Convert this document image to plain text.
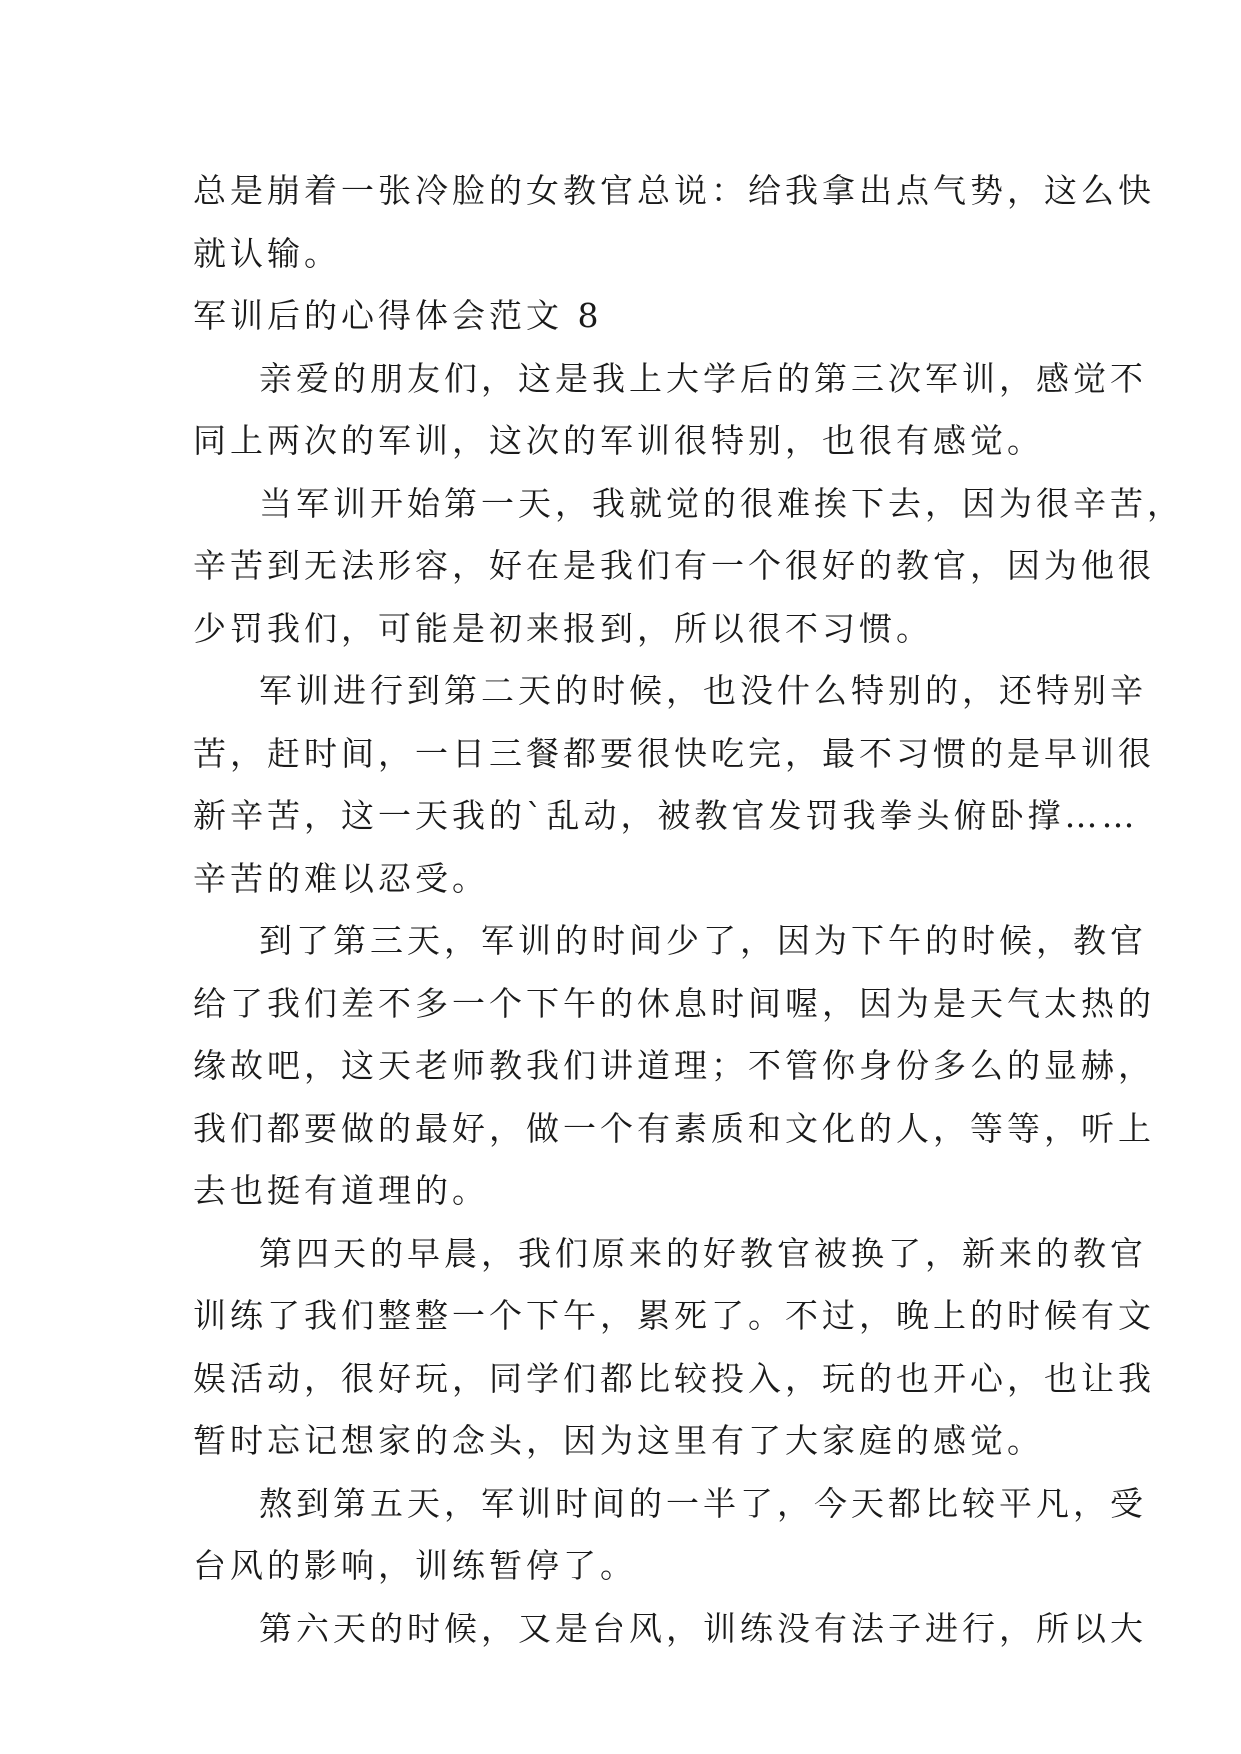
总是崩着一张冷脸的女教官总说：给我拿出点气势，这么快
就认输。
军训后的心得体会范文 8
亲爱的朋友们，这是我上大学后的第三次军训，感觉不
同上两次的军训，这次的军训很特别，也很有感觉。
当军训开始第一天，我就觉的很难挨下去，因为很辛苦，
辛苦到无法形容，好在是我们有一个很好的教官，因为他很
少罚我们，可能是初来报到，所以很不习惯。
军训进行到第二天的时候，也没什么特别的，还特别辛
苦，赶时间，一日三餐都要很快吃完，最不习惯的是早训很
新辛苦，这一天我的`乱动，被教官发罚我拳头俯卧撑……
辛苦的难以忍受。
到了第三天，军训的时间少了，因为下午的时候，教官
给了我们差不多一个下午的休息时间喔，因为是天气太热的
缘故吧，这天老师教我们讲道理；不管你身份多么的显赫，
我们都要做的最好，做一个有素质和文化的人，等等，听上
去也挺有道理的。
第四天的早晨，我们原来的好教官被换了，新来的教官
训练了我们整整一个下午，累死了。不过，晚上的时候有文
娱活动，很好玩，同学们都比较投入，玩的也开心，也让我
暂时忘记想家的念头，因为这里有了大家庭的感觉。
熬到第五天，军训时间的一半了，今天都比较平凡，受
台风的影响，训练暂停了。
第六天的时候，又是台风，训练没有法子进行，所以大
